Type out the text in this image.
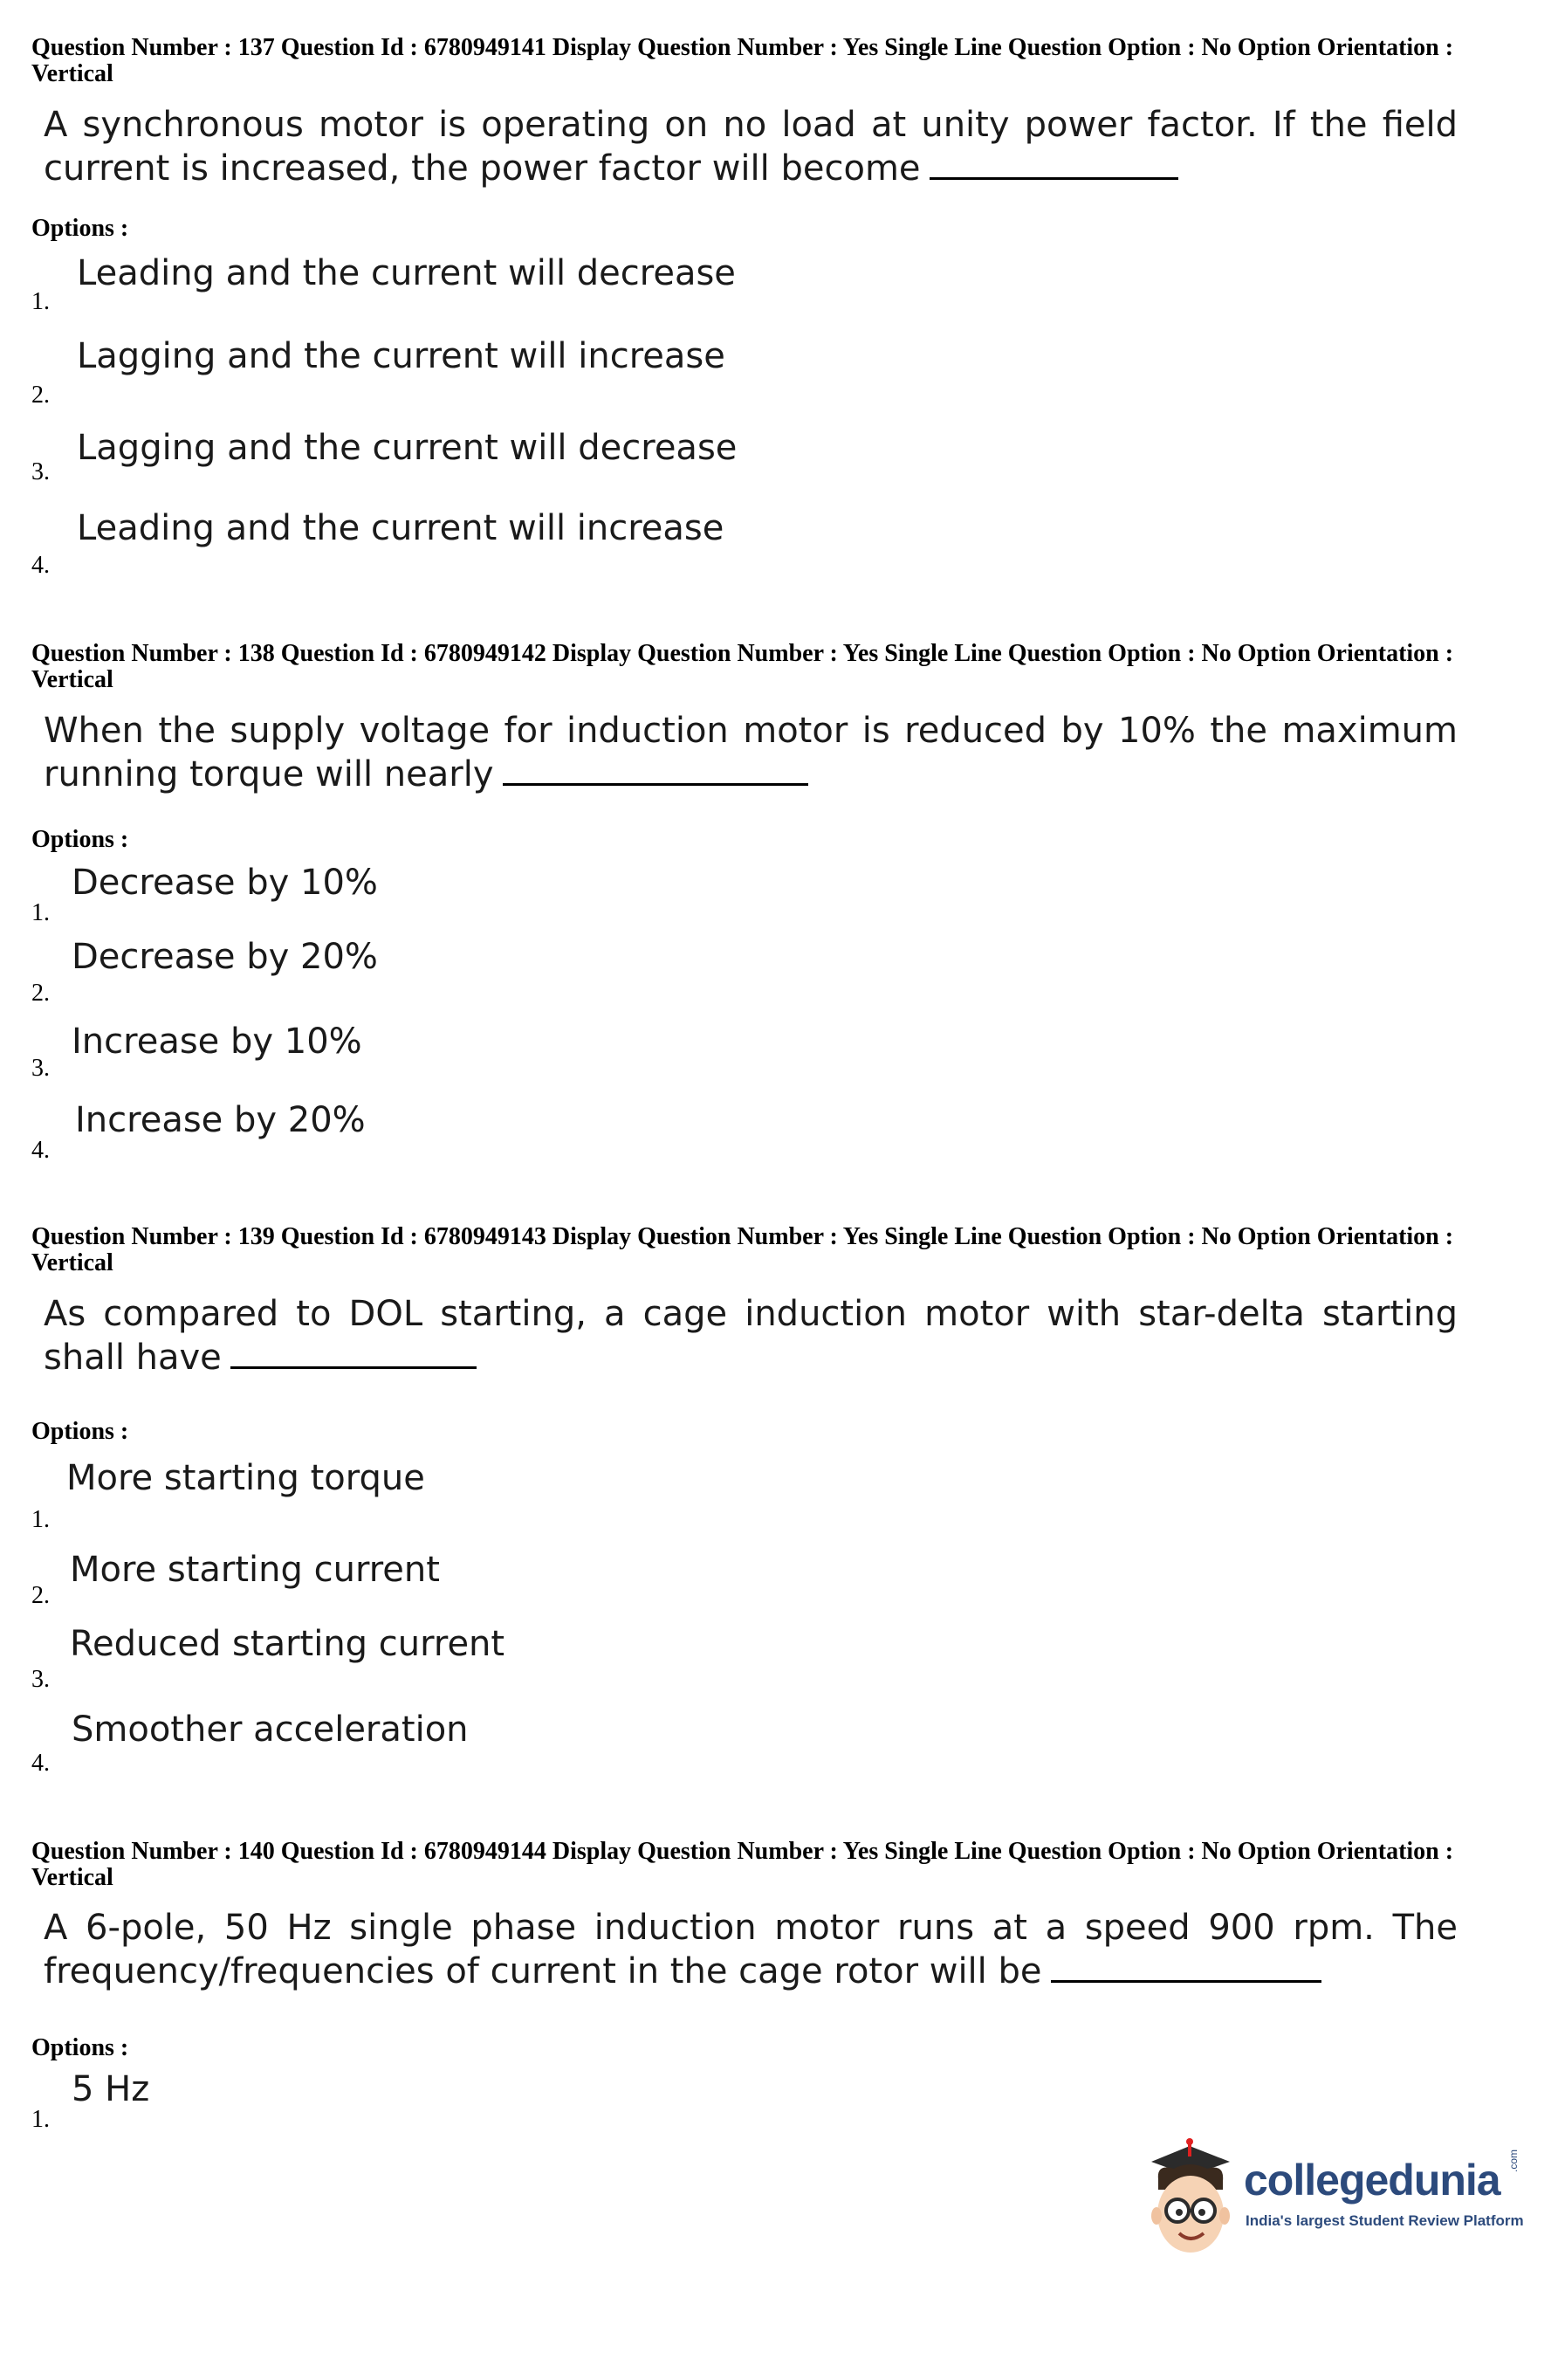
Question Number : 137 Question Id : 6780949141 Display Question Number : Yes Single Line Question Option : No Option Orientation : Vertical
A synchronous motor is operating on no load at unity power factor. If the field current is increased, the power factor will become
Options :
1.
Leading and the current will decrease
2.
Lagging and the current will increase
3.
Lagging and the current will decrease
4.
Leading and the current will increase
Question Number : 138 Question Id : 6780949142 Display Question Number : Yes Single Line Question Option : No Option Orientation : Vertical
When the supply voltage for induction motor is reduced by 10% the maximum running torque will nearly
Options :
1.
Decrease by 10%
2.
Decrease by 20%
3.
Increase by 10%
4.
Increase by 20%
Question Number : 139 Question Id : 6780949143 Display Question Number : Yes Single Line Question Option : No Option Orientation : Vertical
As compared to DOL starting, a cage induction motor with star-delta starting shall have
Options :
1.
More starting torque
2.
More starting current
3.
Reduced starting current
4.
Smoother acceleration
Question Number : 140 Question Id : 6780949144 Display Question Number : Yes Single Line Question Option : No Option Orientation : Vertical
A 6-pole, 50 Hz single phase induction motor runs at a speed 900 rpm. The frequency/frequencies of current in the cage rotor will be
Options :
1.
5 Hz
collegedunia .com
India's largest Student Review Platform
